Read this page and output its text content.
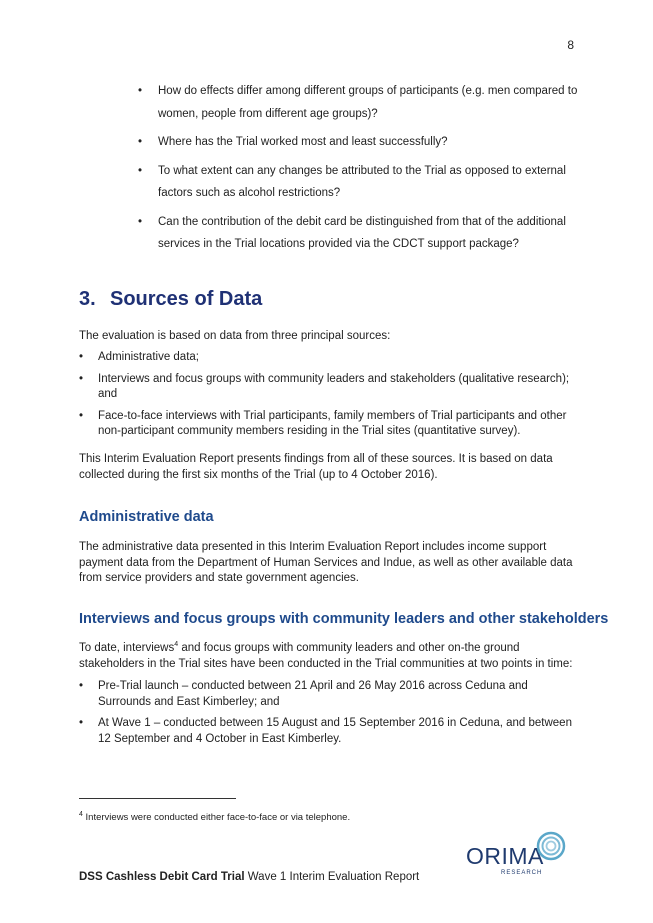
8
• How do effects differ among different groups of participants (e.g. men compared to women, people from different age groups)?
• Where has the Trial worked most and least successfully?
• To what extent can any changes be attributed to the Trial as opposed to external factors such as alcohol restrictions?
• Can the contribution of the debit card be distinguished from that of the additional services in the Trial locations provided via the CDCT support package?
3. Sources of Data

The evaluation is based on data from three principal sources:

• Administrative data;
• Interviews and focus groups with community leaders and stakeholders (qualitative research); and
• Face-to-face interviews with Trial participants, family members of Trial participants and other non-participant community members residing in the Trial sites (quantitative survey).

This Interim Evaluation Report presents findings from all of these sources. It is based on data collected during the first six months of the Trial (up to 4 October 2016).

Administrative data

The administrative data presented in this Interim Evaluation Report includes income support payment data from the Department of Human Services and Indue, as well as other available data from service providers and state government agencies.

Interviews and focus groups with community leaders and other stakeholders

To date, interviews$^4$ and focus groups with community leaders and other on-the ground stakeholders in the Trial sites have been conducted in the Trial communities at two points in time:

• Pre-Trial launch – conducted between 21 April and 26 May 2016 across Ceduna and Surrounds and East Kimberley; and
• At Wave 1 – conducted between 15 August and 15 September 2016 in Ceduna, and between 12 September and 4 October in East Kimberley.

$^4$ Interviews were conducted either face-to-face or via telephone.

ORIMA
RESEARCH

DSS Cashless Debit Card Trial Wave 1 Interim Evaluation Report
